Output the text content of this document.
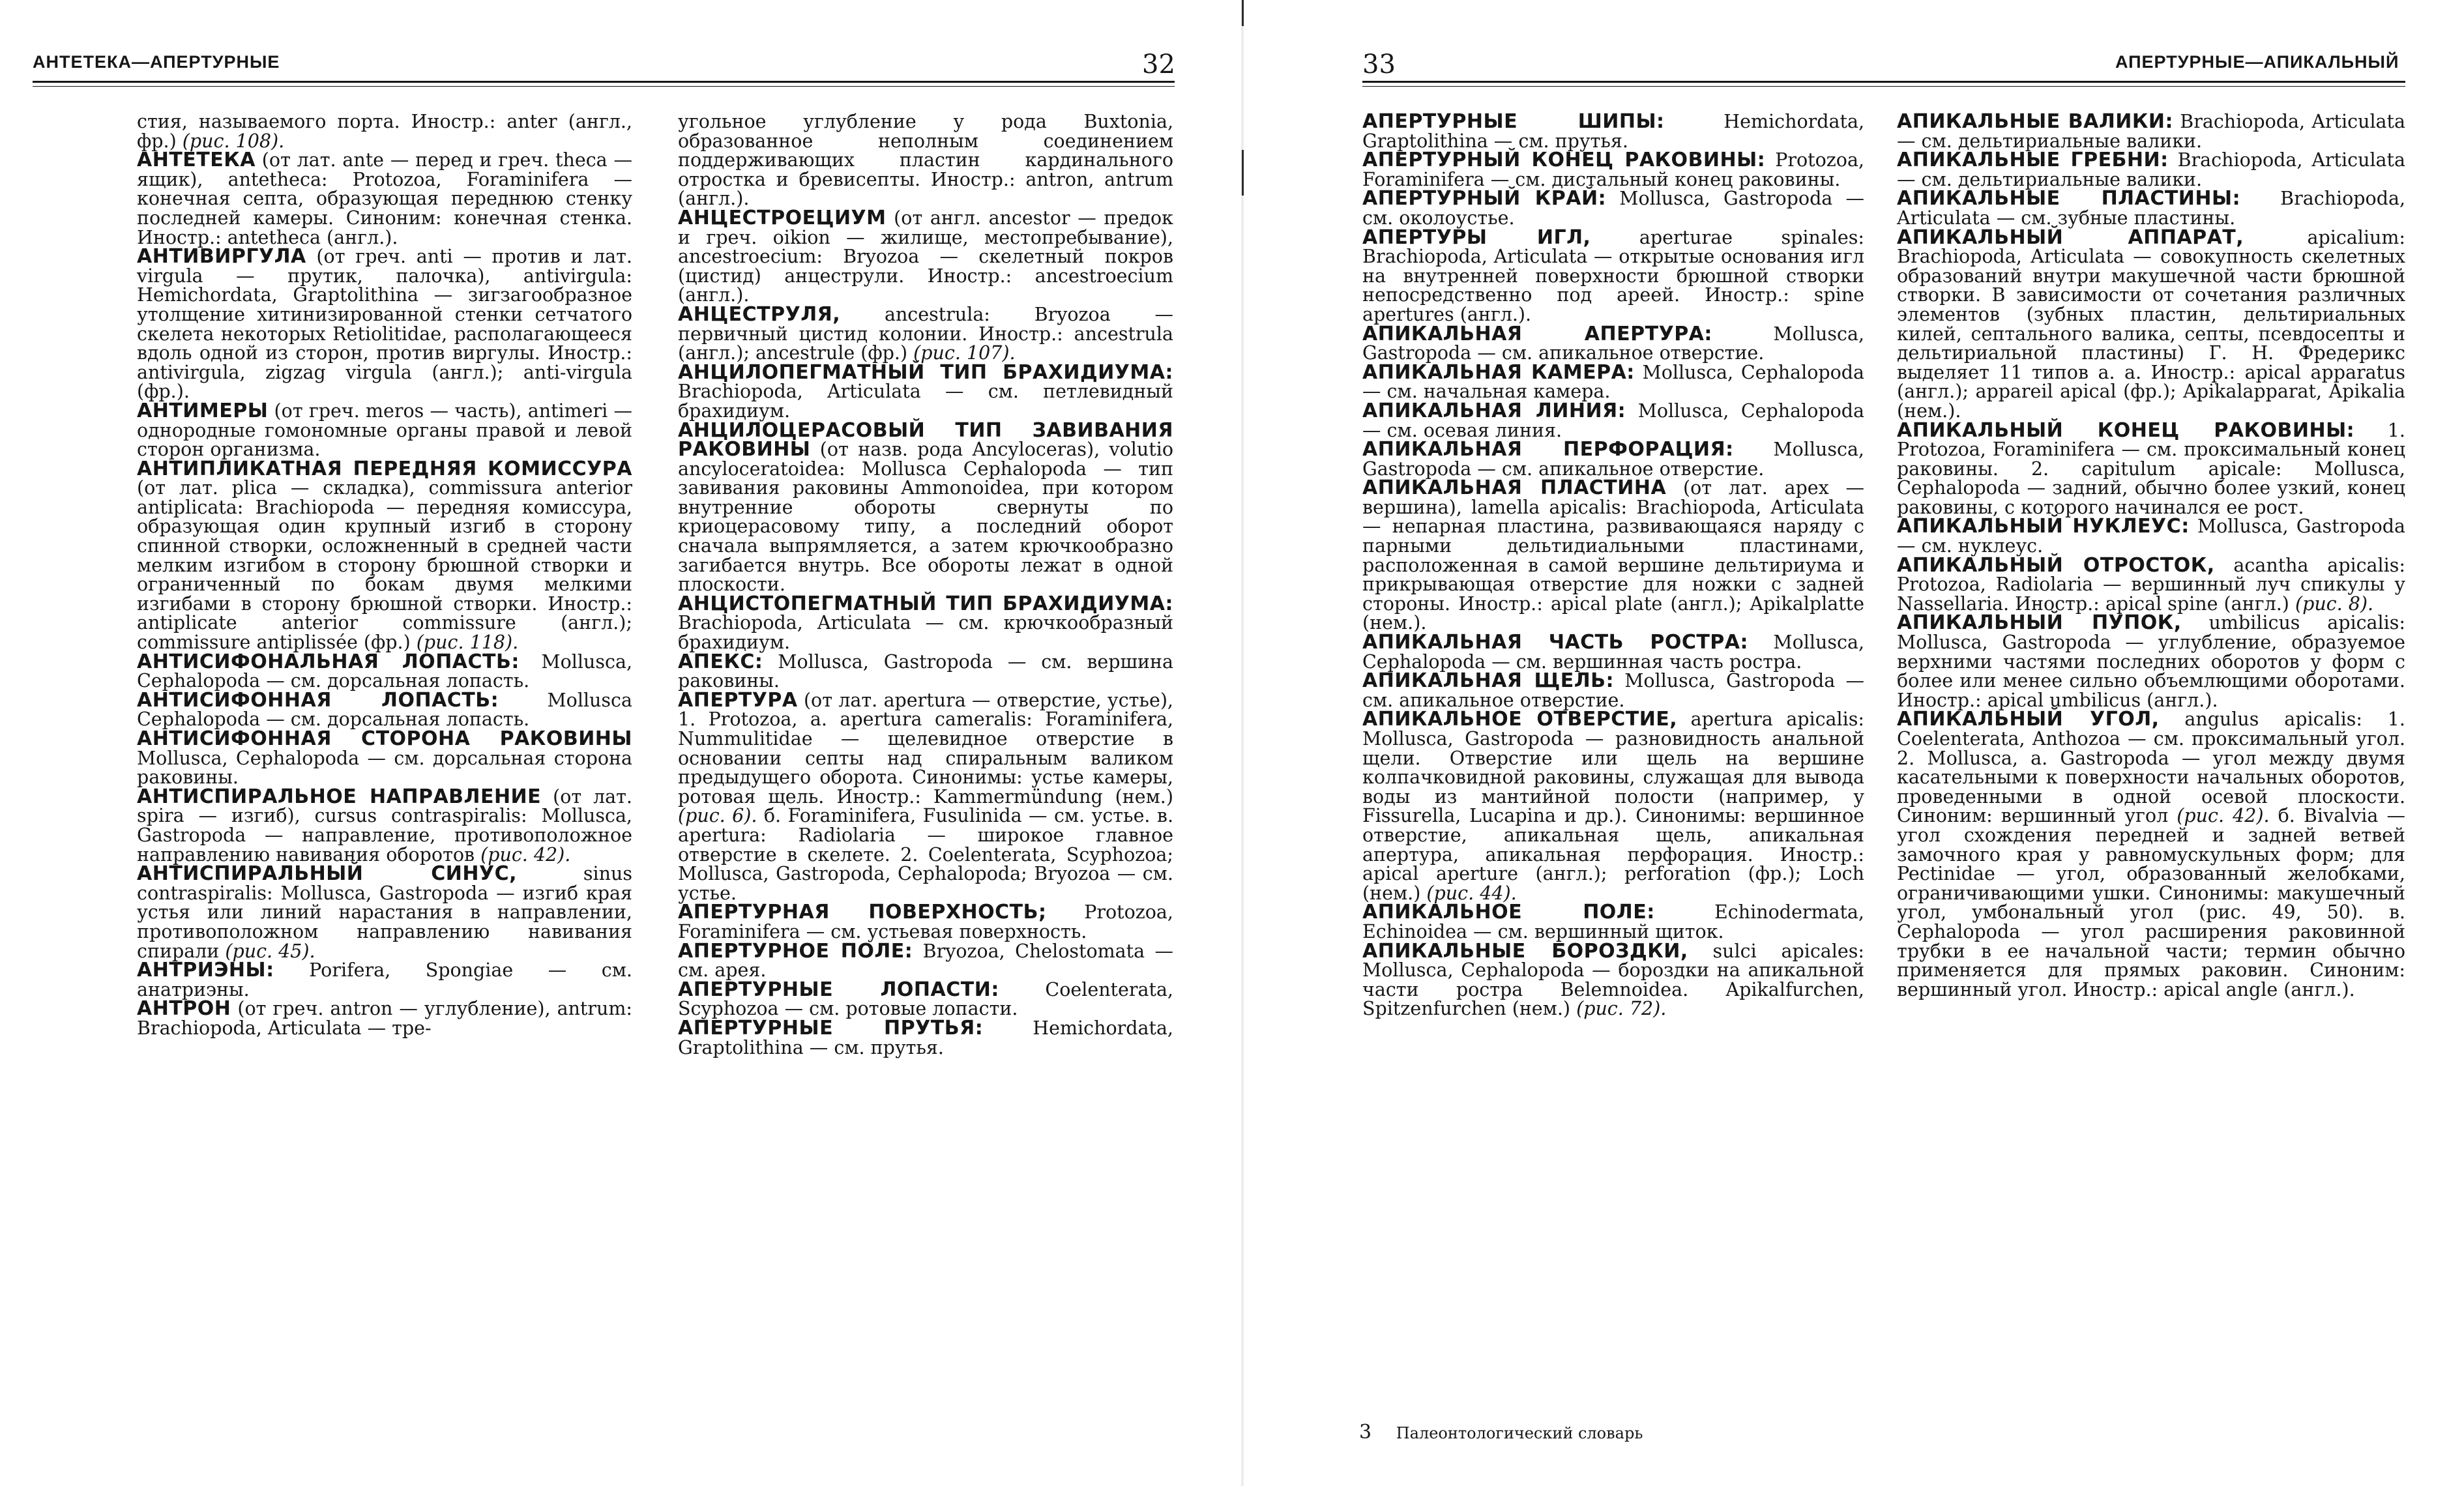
АНТЕТЕКА—АПЕРТУРНЫЕ	32

стия, называемого порта. Иностр.: anter (англ., фр.) (рис. 108).

АНТЕТЕКА (от лат. ante — перед и греч. theca — ящик), antetheca: Protozoa, Foraminifera — конечная септа, образующая переднюю стенку последней камеры. Синоним: конечная стенка. Иностр.: antetheca (англ.).

АНТИВИРГУЛА (от греч. anti — против и лат. virgula — прутик, палочка), antivirgula: Hemichordata, Graptolithina — зигзагообразное утолщение хитинизированной стенки сетчатого скелета некоторых Retiolitidae, располагающееся вдоль одной из сторон, против виргулы. Иностр.: antivirgula, zigzag virgula (англ.); anti-virgula (фр.).

АНТИМЕРЫ (от греч. meros — часть), antimeri — однородные гомономные органы правой и левой сторон организма.

АНТИПЛИКАТНАЯ ПЕРЕДНЯЯ КОМИССУРА (от лат. plica — складка), commissura anterior antiplicata: Brachiopoda — передняя комиссура, образующая один крупный изгиб в сторону спинной створки, осложненный в средней части мелким изгибом в сторону брюшной створки и ограниченный по бокам двумя мелкими изгибами в сторону брюшной створки. Иностр.: antiplicate anterior commissure (англ.); commissure antiplissée (фр.) (рис. 118).

АНТИСИФОНАЛЬНАЯ ЛОПАСТЬ: Mollusca, Cephalopoda — см. дорсальная лопасть.

АНТИСИФОННАЯ ЛОПАСТЬ: Mollusca Cephalopoda — см. дорсальная лопасть.

АНТИСИФОННАЯ СТОРОНА РАКОВИНЫ Mollusca, Cephalopoda — см. дорсальная сторона раковины.

АНТИСПИРАЛЬНОЕ НАПРАВЛЕНИЕ (от лат. spira — изгиб), cursus contraspiralis: Mollusca, Gastropoda — направление, противоположное направлению навивания оборотов (рис. 42).

АНТИСПИРАЛЬНЫЙ СИНУС, sinus contraspiralis: Mollusca, Gastropoda — изгиб края устья или линий нарастания в направлении, противоположном направлению навивания спирали (рис. 45).

АНТРИЭНЫ: Porifera, Spongiae — см. анатриэны.

АНТРОН (от греч. antron — углубление), antrum: Brachiopoda, Articulata — тре-

угольное углубление у рода Buxtonia, образованное неполным соединением поддерживающих пластин кардинального отростка и бревисепты. Иностр.: antron, antrum (англ.).

АНЦЕСТРОЕЦИУМ (от англ. ancestor — предок и греч. oikion — жилище, местопребывание), ancestroecium: Bryozoa — скелетный покров (цистид) анцеструли. Иностр.: ancestroecium (англ.).

АНЦЕСТРУЛЯ, ancestrula: Bryozoa — первичный цистид колонии. Иностр.: ancestrula (англ.); ancestrule (фр.) (рис. 107).

АНЦИЛОПЕГМАТНЫЙ ТИП БРАХИДИУМА: Brachiopoda, Articulata — см. петлевидный брахидиум.

АНЦИЛОЦЕРАСОВЫЙ ТИП ЗАВИВАНИЯ РАКОВИНЫ (от назв. рода Ancyloceras), volutio ancyloceratoidea: Mollusca Cephalopoda — тип завивания раковины Ammonoidea, при котором внутренние обороты свернуты по криоцерасовому типу, а последний оборот сначала выпрямляется, а затем крючкообразно загибается внутрь. Все обороты лежат в одной плоскости.

АНЦИСТОПЕГМАТНЫЙ ТИП БРАХИДИУМА: Brachiopoda, Articulata — см. крючкообразный брахидиум.

АПЕКС: Mollusca, Gastropoda — см. вершина раковины.

АПЕРТУРА (от лат. apertura — отверстие, устье), 1. Protozoa, а. apertura cameralis: Foraminifera, Nummulitidae — щелевидное отверстие в основании септы над спиральным валиком предыдущего оборота. Синонимы: устье камеры, ротовая щель. Иностр.: Kammermündung (нем.) (рис. 6). б. Foraminifera, Fusulinida — см. устье. в. apertura: Radiolaria — широкое главное отверстие в скелете. 2. Coelenterata, Scyphozoa; Mollusca, Gastropoda, Cephalopoda; Bryozoa — см. устье.

АПЕРТУРНАЯ ПОВЕРХНОСТЬ; Protozoa, Foraminifera — см. устьевая поверхность.

АПЕРТУРНОЕ ПОЛЕ: Bryozoa, Chelostomata — см. арея.

АПЕРТУРНЫЕ ЛОПАСТИ: Coelenterata, Scyphozoa — см. ротовые лопасти.

АПЕРТУРНЫЕ ПРУТЬЯ: Hemichordata, Graptolithina — см. прутья.

33	АПЕРТУРНЫЕ—АПИКАЛЬНЫЙ

АПЕРТУРНЫЕ ШИПЫ: Hemichordata, Graptolithina — см. прутья.

АПЕРТУРНЫЙ КОНЕЦ РАКОВИНЫ: Protozoa, Foraminifera — см. дистальный конец раковины.

АПЕРТУРНЫЙ КРАЙ: Mollusca, Gastropoda — см. околоустье.

АПЕРТУРЫ ИГЛ, aperturae spinales: Brachiopoda, Articulata — открытые основания игл на внутренней поверхности брюшной створки непосредственно под ареей. Иностр.: spine apertures (англ.).

АПИКАЛЬНАЯ АПЕРТУРА: Mollusca, Gastropoda — см. апикальное отверстие.

АПИКАЛЬНАЯ КАМЕРА: Mollusca, Cephalopoda — см. начальная камера.

АПИКАЛЬНАЯ ЛИНИЯ: Mollusca, Cephalopoda — см. осевая линия.

АПИКАЛЬНАЯ ПЕРФОРАЦИЯ: Mollusca, Gastropoda — см. апикальное отверстие.

АПИКАЛЬНАЯ ПЛАСТИНА (от лат. apex — вершина), lamella apicalis: Brachiopoda, Articulata — непарная пластина, развивающаяся наряду с парными дельтидиальными пластинами, расположенная в самой вершине дельтириума и прикрывающая отверстие для ножки с задней стороны. Иностр.: apical plate (англ.); Apikalplatte (нем.).

АПИКАЛЬНАЯ ЧАСТЬ РОСТРА: Mollusca, Cephalopoda — см. вершинная часть ростра.

АПИКАЛЬНАЯ ЩЕЛЬ: Mollusca, Gastropoda — см. апикальное отверстие.

АПИКАЛЬНОЕ ОТВЕРСТИЕ, apertura apicalis: Mollusca, Gastropoda — разновидность анальной щели. Отверстие или щель на вершине колпачковидной раковины, служащая для вывода воды из мантийной полости (например, у Fissurella, Lucapina и др.). Синонимы: вершинное отверстие, апикальная щель, апикальная апертура, апикальная перфорация. Иностр.: apical aperture (англ.); perforation (фр.); Loch (нем.) (рис. 44).

АПИКАЛЬНОЕ ПОЛЕ: Echinodermata, Echinoidea — см. вершинный щиток.

АПИКАЛЬНЫЕ БОРОЗДКИ, sulci apicales: Mollusca, Cephalopoda — бороздки на апикальной части ростра Belemnoidea. Apikalfurchen, Spitzenfurchen (нем.) (рис. 72).

АПИКАЛЬНЫЕ ВАЛИКИ: Brachiopoda, Articulata — см. дельтириальные валики.

АПИКАЛЬНЫЕ ГРЕБНИ: Brachiopoda, Articulata — см. дельтириальные валики.

АПИКАЛЬНЫЕ ПЛАСТИНЫ: Brachiopoda, Articulata — см. зубные пластины.

АПИКАЛЬНЫЙ АППАРАТ, apicalium: Brachiopoda, Articulata — совокупность скелетных образований внутри макушечной части брюшной створки. В зависимости от сочетания различных элементов (зубных пластин, дельтириальных килей, септального валика, септы, псевдосепты и дельтириальной пластины) Г. Н. Фредерикс выделяет 11 типов а. а. Иностр.: apical apparatus (англ.); appareil apical (фр.); Apikalapparat, Apikalia (нем.).

АПИКАЛЬНЫЙ КОНЕЦ РАКОВИНЫ: 1. Protozoa, Foraminifera — см. проксимальный конец раковины. 2. capitulum apicale: Mollusca, Cephalopoda — задний, обычно более узкий, конец раковины, с которого начинался ее рост.

АПИКАЛЬНЫЙ НУКЛЕУС: Mollusca, Gastropoda — см. нуклеус.

АПИКАЛЬНЫЙ ОТРОСТОК, acantha apicalis: Protozoa, Radiolaria — вершинный луч спикулы у Nassellaria. Иностр.: apical spine (англ.) (рис. 8).

АПИКАЛЬНЫЙ ПУПОК, umbilicus apicalis: Mollusca, Gastropoda — углубление, образуемое верхними частями последних оборотов у форм с более или менее сильно объемлющими оборотами. Иностр.: apical umbilicus (англ.).

АПИКАЛЬНЫЙ УГОЛ, angulus apicalis: 1. Coelenterata, Anthozoa — см. проксимальный угол. 2. Mollusca, а. Gastropoda — угол между двумя касательными к поверхности начальных оборотов, проведенными в одной осевой плоскости. Синоним: вершинный угол (рис. 42). б. Bivalvia — угол схождения передней и задней ветвей замочного края у равномускульных форм; для Pectinidae — угол, образованный желобками, ограничивающими ушки. Синонимы: макушечный угол, умбональный угол (рис. 49, 50). в. Cephalopoda — угол расширения раковинной трубки в ее начальной части; термин обычно применяется для прямых раковин. Синоним: вершинный угол. Иностр.: apical angle (англ.).

3 Палеонтологический словарь
